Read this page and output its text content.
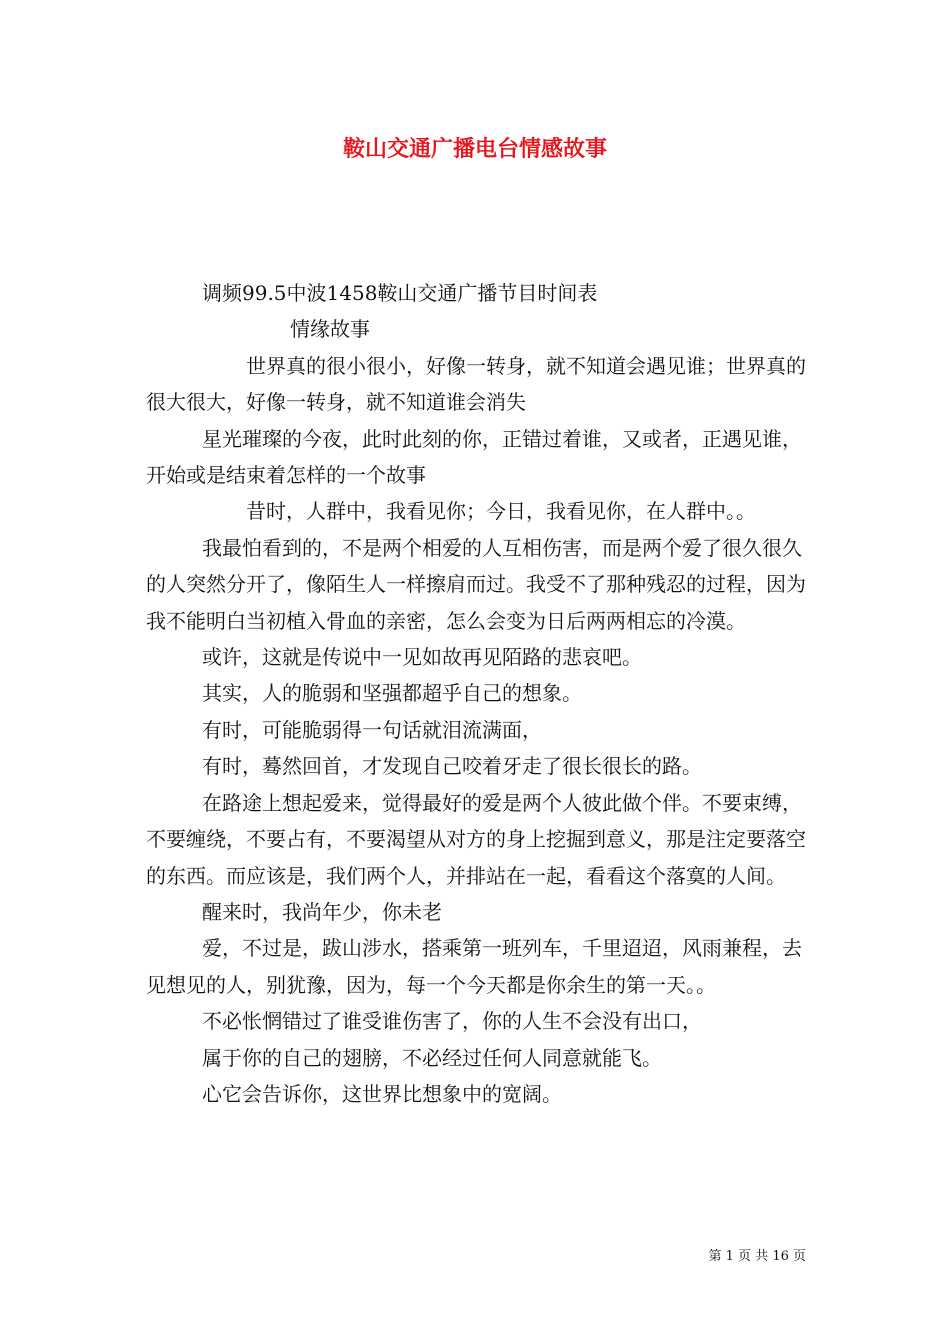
鞍山交通广播电台情感故事

调频99.5中波1458鞍山交通广播节目时间表

情缘故事

世界真的很小很小，好像一转身，就不知道会遇见谁；世界真的很大很大，好像一转身，就不知道谁会消失

星光璀璨的今夜，此时此刻的你，正错过着谁，又或者，正遇见谁，开始或是结束着怎样的一个故事

昔时，人群中，我看见你；今日，我看见你，在人群中。。

我最怕看到的，不是两个相爱的人互相伤害，而是两个爱了很久很久的人突然分开了，像陌生人一样擦肩而过。我受不了那种残忍的过程，因为我不能明白当初植入骨血的亲密，怎么会变为日后两两相忘的冷漠。

或许，这就是传说中一见如故再见陌路的悲哀吧。

其实，人的脆弱和坚强都超乎自己的想象。

有时，可能脆弱得一句话就泪流满面，

有时，蓦然回首，才发现自己咬着牙走了很长很长的路。

在路途上想起爱来，觉得最好的爱是两个人彼此做个伴。不要束缚，不要缠绕，不要占有，不要渴望从对方的身上挖掘到意义，那是注定要落空的东西。而应该是，我们两个人，并排站在一起，看看这个落寞的人间。

醒来时，我尚年少，你未老

爱，不过是，跋山涉水，搭乘第一班列车，千里迢迢，风雨兼程，去见想见的人，别犹豫，因为，每一个今天都是你余生的第一天。。

不必怅惘错过了谁受谁伤害了，你的人生不会没有出口，

属于你的自己的翅膀，不必经过任何人同意就能飞。

心它会告诉你，这世界比想象中的宽阔。

第 1 页 共 16 页
